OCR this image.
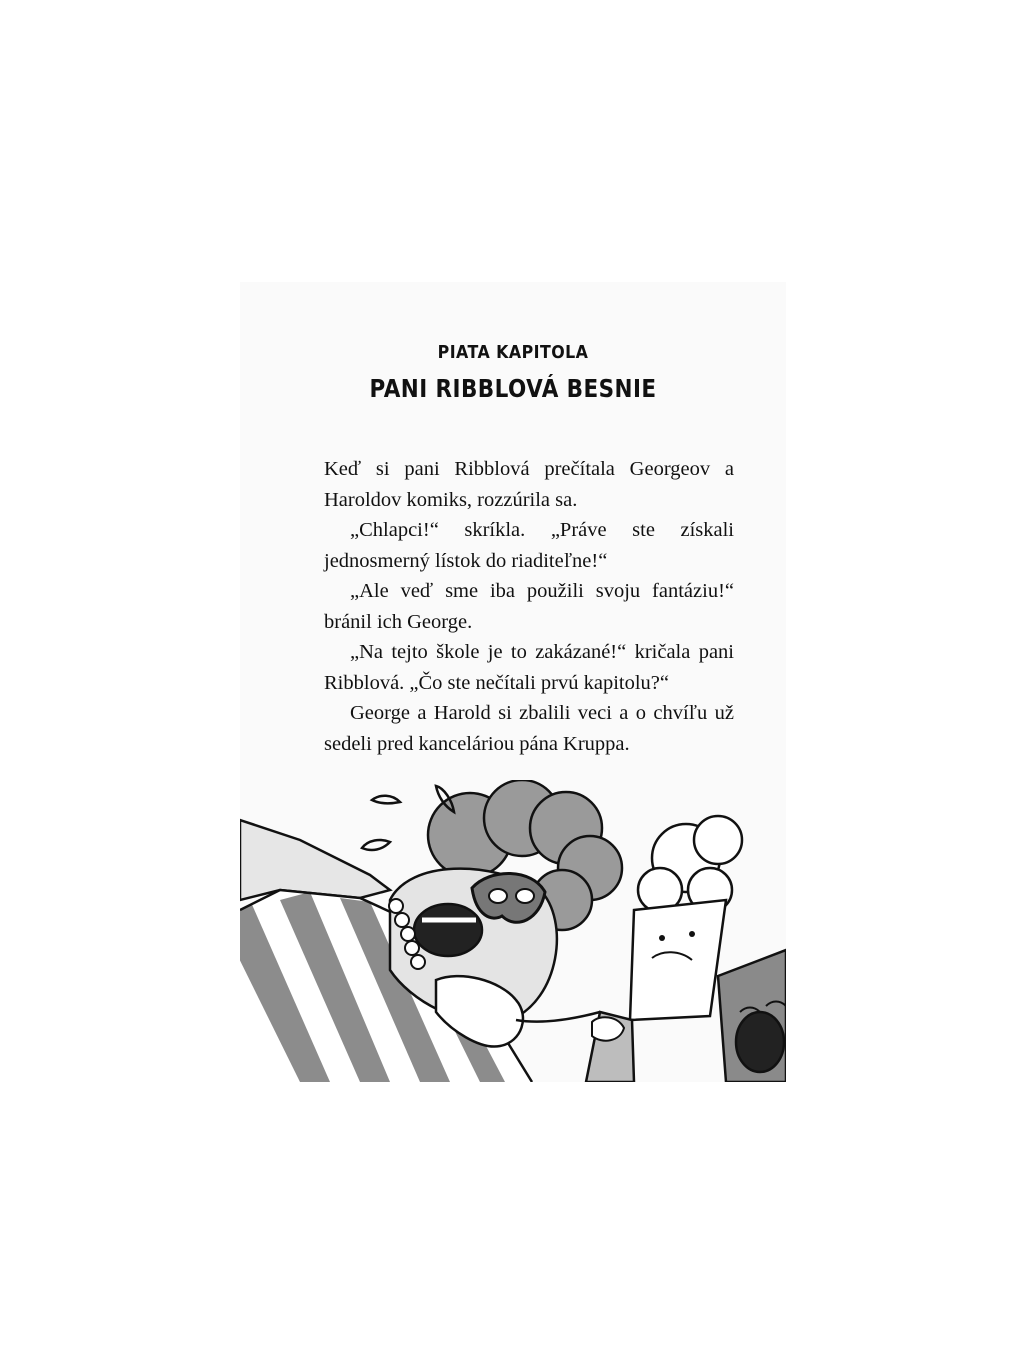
PIATA KAPITOLA
PANI RIBBLOVÁ BESNIE

Keď si pani Ribblová prečítala Georgeov a Haroldov komiks, rozzúrila sa.

„Chlapci!“ skríkla. „Práve ste získali jednosmerný lístok do riaditeľne!“

„Ale veď sme iba použili svoju fantáziu!“ bránil ich George.

„Na tejto škole je to zakázané!“ kričala pani Ribblová. „Čo ste nečítali prvú kapitolu?“

George a Harold si zbalili veci a o chvíľu už sedeli pred kanceláriou pána Kruppa.
